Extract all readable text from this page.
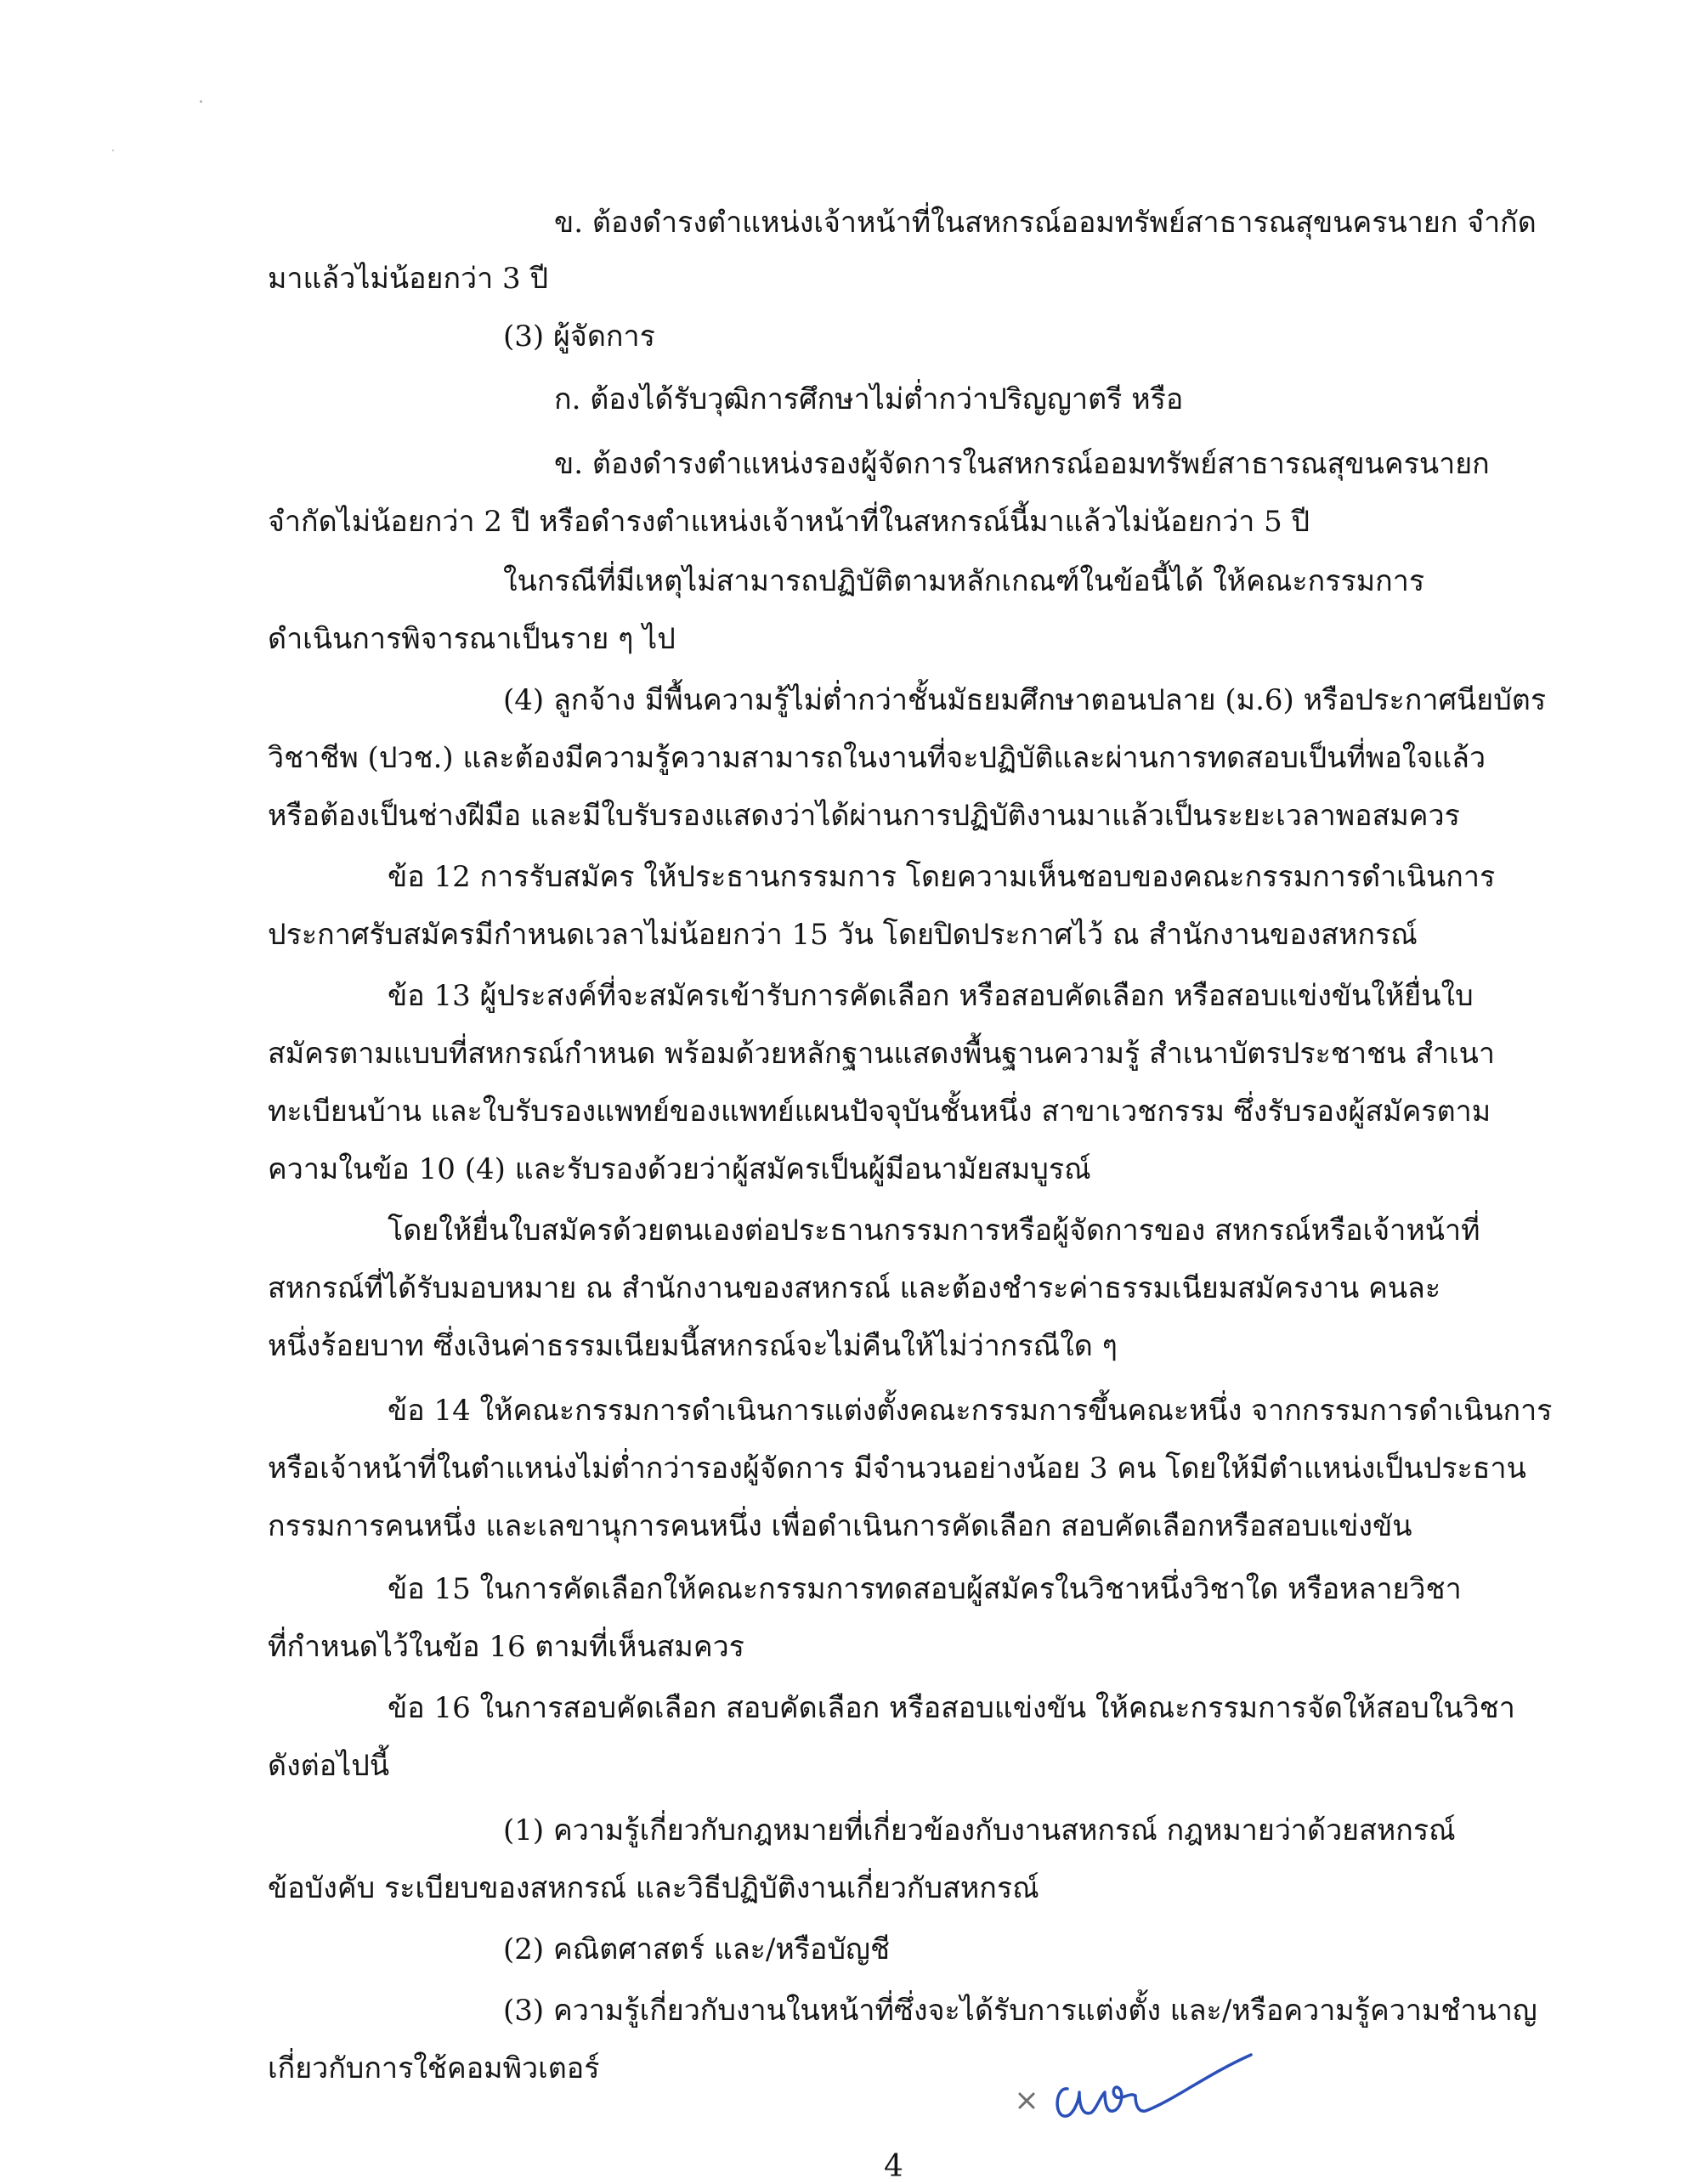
ข. ต้องดำรงตำแหน่งเจ้าหน้าที่ในสหกรณ์ออมทรัพย์สาธารณสุขนครนายก จำกัด
มาแล้วไม่น้อยกว่า 3 ปี
(3) ผู้จัดการ
ก. ต้องได้รับวุฒิการศึกษาไม่ต่ำกว่าปริญญาตรี หรือ
ข. ต้องดำรงตำแหน่งรองผู้จัดการในสหกรณ์ออมทรัพย์สาธารณสุขนครนายก
จำกัดไม่น้อยกว่า 2 ปี หรือดำรงตำแหน่งเจ้าหน้าที่ในสหกรณ์นี้มาแล้วไม่น้อยกว่า 5 ปี
ในกรณีที่มีเหตุไม่สามารถปฏิบัติตามหลักเกณฑ์ในข้อนี้ได้ ให้คณะกรรมการ
ดำเนินการพิจารณาเป็นราย ๆ ไป
(4) ลูกจ้าง มีพื้นความรู้ไม่ต่ำกว่าชั้นมัธยมศึกษาตอนปลาย (ม.6) หรือประกาศนียบัตร
วิชาชีพ (ปวช.) และต้องมีความรู้ความสามารถในงานที่จะปฏิบัติและผ่านการทดสอบเป็นที่พอใจแล้ว
หรือต้องเป็นช่างฝีมือ และมีใบรับรองแสดงว่าได้ผ่านการปฏิบัติงานมาแล้วเป็นระยะเวลาพอสมควร
ข้อ 12 การรับสมัคร ให้ประธานกรรมการ โดยความเห็นชอบของคณะกรรมการดำเนินการ
ประกาศรับสมัครมีกำหนดเวลาไม่น้อยกว่า 15 วัน โดยปิดประกาศไว้ ณ สำนักงานของสหกรณ์
ข้อ 13 ผู้ประสงค์ที่จะสมัครเข้ารับการคัดเลือก หรือสอบคัดเลือก หรือสอบแข่งขันให้ยื่นใบ
สมัครตามแบบที่สหกรณ์กำหนด พร้อมด้วยหลักฐานแสดงพื้นฐานความรู้ สำเนาบัตรประชาชน สำเนา
ทะเบียนบ้าน และใบรับรองแพทย์ของแพทย์แผนปัจจุบันชั้นหนึ่ง สาขาเวชกรรม ซึ่งรับรองผู้สมัครตาม
ความในข้อ 10 (4) และรับรองด้วยว่าผู้สมัครเป็นผู้มีอนามัยสมบูรณ์
โดยให้ยื่นใบสมัครด้วยตนเองต่อประธานกรรมการหรือผู้จัดการของ สหกรณ์หรือเจ้าหน้าที่
สหกรณ์ที่ได้รับมอบหมาย ณ สำนักงานของสหกรณ์ และต้องชำระค่าธรรมเนียมสมัครงาน คนละ
หนึ่งร้อยบาท ซึ่งเงินค่าธรรมเนียมนี้สหกรณ์จะไม่คืนให้ไม่ว่ากรณีใด ๆ
ข้อ 14 ให้คณะกรรมการดำเนินการแต่งตั้งคณะกรรมการขึ้นคณะหนึ่ง จากกรรมการดำเนินการ
หรือเจ้าหน้าที่ในตำแหน่งไม่ต่ำกว่ารองผู้จัดการ มีจำนวนอย่างน้อย 3 คน โดยให้มีตำแหน่งเป็นประธาน
กรรมการคนหนึ่ง และเลขานุการคนหนึ่ง เพื่อดำเนินการคัดเลือก สอบคัดเลือกหรือสอบแข่งขัน
ข้อ 15 ในการคัดเลือกให้คณะกรรมการทดสอบผู้สมัครในวิชาหนึ่งวิชาใด หรือหลายวิชา
ที่กำหนดไว้ในข้อ 16 ตามที่เห็นสมควร
ข้อ 16 ในการสอบคัดเลือก สอบคัดเลือก หรือสอบแข่งขัน ให้คณะกรรมการจัดให้สอบในวิชา
ดังต่อไปนี้
(1) ความรู้เกี่ยวกับกฎหมายที่เกี่ยวข้องกับงานสหกรณ์ กฎหมายว่าด้วยสหกรณ์
ข้อบังคับ ระเบียบของสหกรณ์ และวิธีปฏิบัติงานเกี่ยวกับสหกรณ์
(2) คณิตศาสตร์ และ/หรือบัญชี
(3) ความรู้เกี่ยวกับงานในหน้าที่ซึ่งจะได้รับการแต่งตั้ง และ/หรือความรู้ความชำนาญ
เกี่ยวกับการใช้คอมพิวเตอร์
4
